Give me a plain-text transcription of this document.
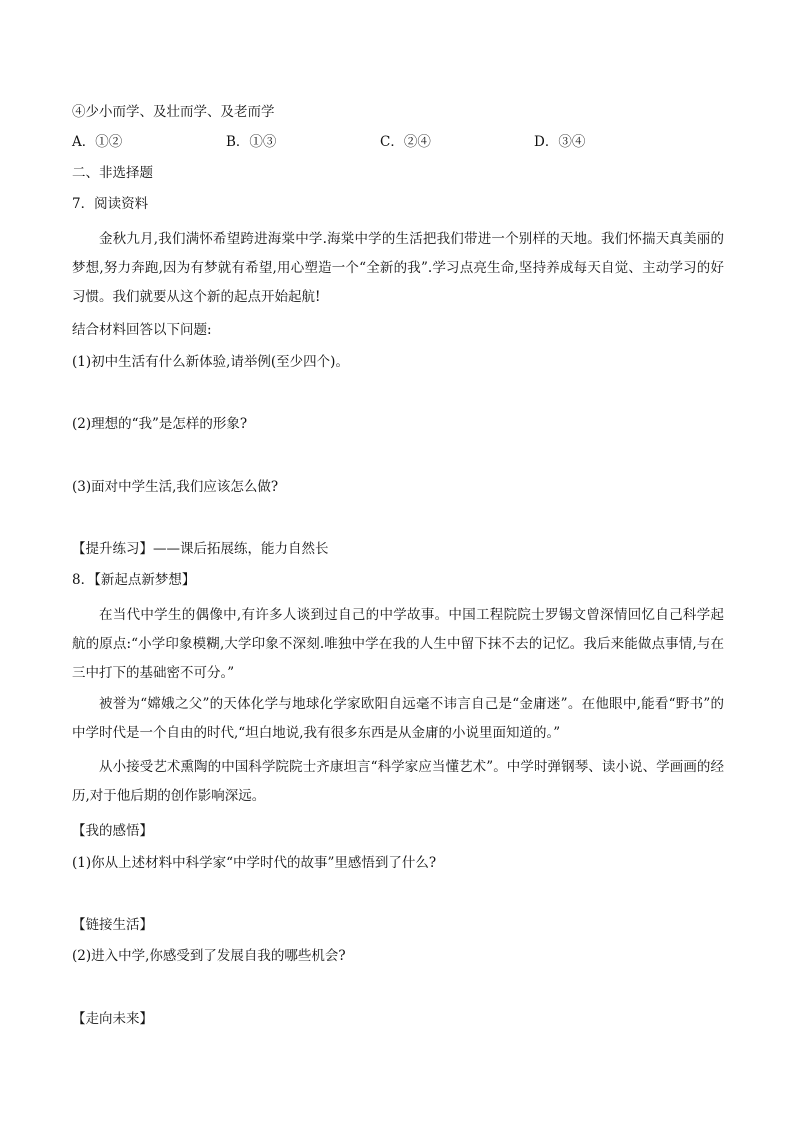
④少小而学、及壮而学、及老而学
A．①②	B．①③	C．②④	D．③④
二、非选择题
7．阅读资料
金秋九月,我们满怀希望跨进海棠中学.海棠中学的生活把我们带进一个别样的天地。我们怀揣天真美丽的梦想,努力奔跑,因为有梦就有希望,用心塑造一个“全新的我”.学习点亮生命,坚持养成每天自觉、主动学习的好习惯。我们就要从这个新的起点开始起航!
结合材料回答以下问题:
(1)初中生活有什么新体验,请举例(至少四个)。
(2)理想的“我”是怎样的形象?
(3)面对中学生活,我们应该怎么做?
【提升练习】——课后拓展练，能力自然长
8．【新起点新梦想】
在当代中学生的偶像中,有许多人谈到过自己的中学故事。中国工程院院士罗锡文曾深情回忆自己科学起航的原点:“小学印象模糊,大学印象不深刻.唯独中学在我的人生中留下抹不去的记忆。我后来能做点事情,与在三中打下的基础密不可分。”
被誉为“嫦娥之父”的天体化学与地球化学家欧阳自远毫不讳言自己是“金庸迷”。在他眼中,能看“野书”的中学时代是一个自由的时代,“坦白地说,我有很多东西是从金庸的小说里面知道的。”
从小接受艺术熏陶的中国科学院院士齐康坦言“科学家应当懂艺术”。中学时弹钢琴、读小说、学画画的经历,对于他后期的创作影响深远。
【我的感悟】
(1)你从上述材料中科学家“中学时代的故事”里感悟到了什么?
【链接生活】
(2)进入中学,你感受到了发展自我的哪些机会?
【走向未来】
